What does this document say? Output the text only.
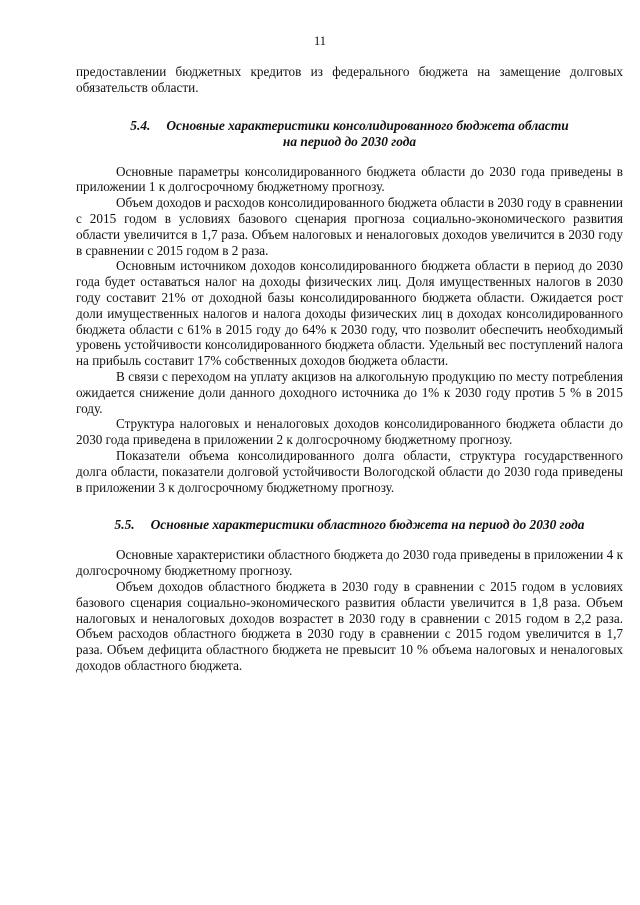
11

предоставлении бюджетных кредитов из федерального бюджета на замещение долговых обязательств области.

5.4. Основные характеристики консолидированного бюджета области
на период до 2030 года

Основные параметры консолидированного бюджета области до 2030 года приведены в приложении 1 к долгосрочному бюджетному прогнозу.

Объем доходов и расходов консолидированного бюджета области в 2030 году в сравнении с 2015 годом в условиях базового сценария прогноза социально-экономического развития области увеличится в 1,7 раза. Объем налоговых и неналоговых доходов увеличится в 2030 году в сравнении с 2015 годом в 2 раза.

Основным источником доходов консолидированного бюджета области в период до 2030 года будет оставаться налог на доходы физических лиц. Доля имущественных налогов в 2030 году составит 21% от доходной базы консолидированного бюджета области. Ожидается рост доли имущественных налогов и налога доходы физических лиц в доходах консолидированного бюджета области с 61% в 2015 году до 64% к 2030 году, что позволит обеспечить необходимый уровень устойчивости консолидированного бюджета области. Удельный вес поступлений налога на прибыль составит 17% собственных доходов бюджета области.

В связи с переходом на уплату акцизов на алкогольную продукцию по месту потребления ожидается снижение доли данного доходного источника до 1% к 2030 году против 5 % в 2015 году.

Структура налоговых и неналоговых доходов консолидированного бюджета области до 2030 года приведена в приложении 2 к долгосрочному бюджетному прогнозу.

Показатели объема консолидированного долга области, структура государственного долга области, показатели долговой устойчивости Вологодской области до 2030 года приведены в приложении 3 к долгосрочному бюджетному прогнозу.

5.5. Основные характеристики областного бюджета на период до 2030 года

Основные характеристики областного бюджета до 2030 года приведены в приложении 4 к долгосрочному бюджетному прогнозу.

Объем доходов областного бюджета в 2030 году в сравнении с 2015 годом в условиях базового сценария социально-экономического развития области увеличится в 1,8 раза. Объем налоговых и неналоговых доходов возрастет в 2030 году в сравнении с 2015 годом в 2,2 раза. Объем расходов областного бюджета в 2030 году в сравнении с 2015 годом увеличится в 1,7 раза. Объем дефицита областного бюджета не превысит 10 % объема налоговых и неналоговых доходов областного бюджета.
